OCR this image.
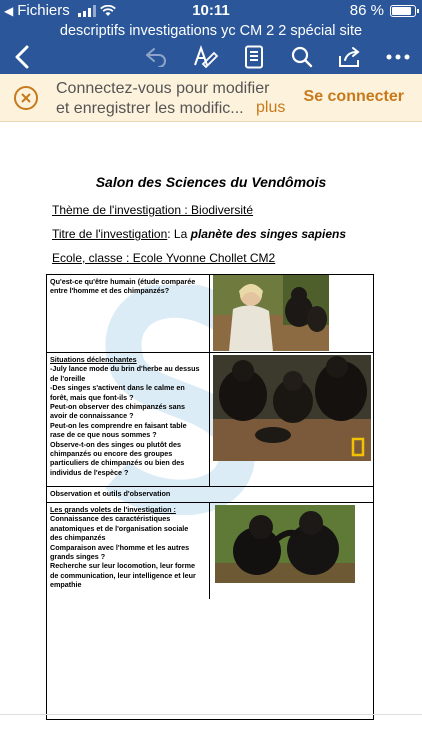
◀ Fichiers	10:11	86 %
descriptifs investigations yc CM 2 2 spécial site
Connectez-vous pour modifier
et enregistrer les modific... plus
Se connecter
Salon des Sciences du Vendômois
Thème de l'investigation : Biodiversité
Titre de l'investigation: La planète des singes sapiens
Ecole, classe : Ecole Yvonne Chollet CM2
Qu'est-ce qu'être humain (étude comparée
entre l'homme et des chimpanzés?
Situations déclenchantes
-July lance mode du brin d'herbe au dessus
de l'oreille
-Des singes s'activent dans le calme en
forêt, mais que font-ils ?
Peut-on observer des chimpanzés sans
avoir de connaissance ?
Peut-on les comprendre en faisant table
rase de ce que nous sommes ?
Observe-t-on des singes ou plutôt des
chimpanzés ou encore des groupes
particuliers de chimpanzés ou bien des
individus de l'espèce ?
Observation et outils d'observation
Les grands volets de l'investigation :
Connaissance des caractéristiques
anatomiques et de l'organisation sociale
des chimpanzés
Comparaison avec l'homme et les autres
grands singes ?
Recherche sur leur locomotion, leur forme
de communication, leur intelligence et leur
empathie
